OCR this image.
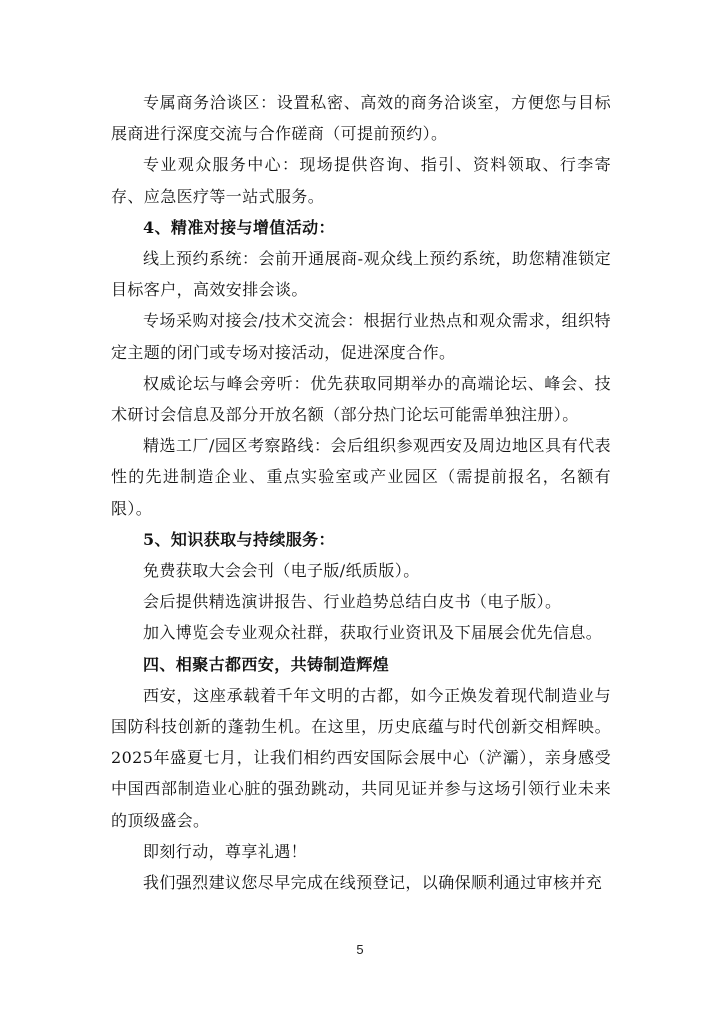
专属商务洽谈区：设置私密、高效的商务洽谈室，方便您与目标展商进行深度交流与合作磋商（可提前预约）。

专业观众服务中心：现场提供咨询、指引、资料领取、行李寄存、应急医疗等一站式服务。

4、精准对接与增值活动：

线上预约系统：会前开通展商-观众线上预约系统，助您精准锁定目标客户，高效安排会谈。

专场采购对接会/技术交流会：根据行业热点和观众需求，组织特定主题的闭门或专场对接活动，促进深度合作。

权威论坛与峰会旁听：优先获取同期举办的高端论坛、峰会、技术研讨会信息及部分开放名额（部分热门论坛可能需单独注册）。

精选工厂/园区考察路线：会后组织参观西安及周边地区具有代表性的先进制造企业、重点实验室或产业园区（需提前报名，名额有限）。

5、知识获取与持续服务：

免费获取大会会刊（电子版/纸质版）。

会后提供精选演讲报告、行业趋势总结白皮书（电子版）。

加入博览会专业观众社群，获取行业资讯及下届展会优先信息。

四、相聚古都西安，共铸制造辉煌

西安，这座承载着千年文明的古都，如今正焕发着现代制造业与国防科技创新的蓬勃生机。在这里，历史底蕴与时代创新交相辉映。2025年盛夏七月，让我们相约西安国际会展中心（浐灞），亲身感受中国西部制造业心脏的强劲跳动，共同见证并参与这场引领行业未来的顶级盛会。

即刻行动，尊享礼遇！

我们强烈建议您尽早完成在线预登记，以确保顺利通过审核并充

5
